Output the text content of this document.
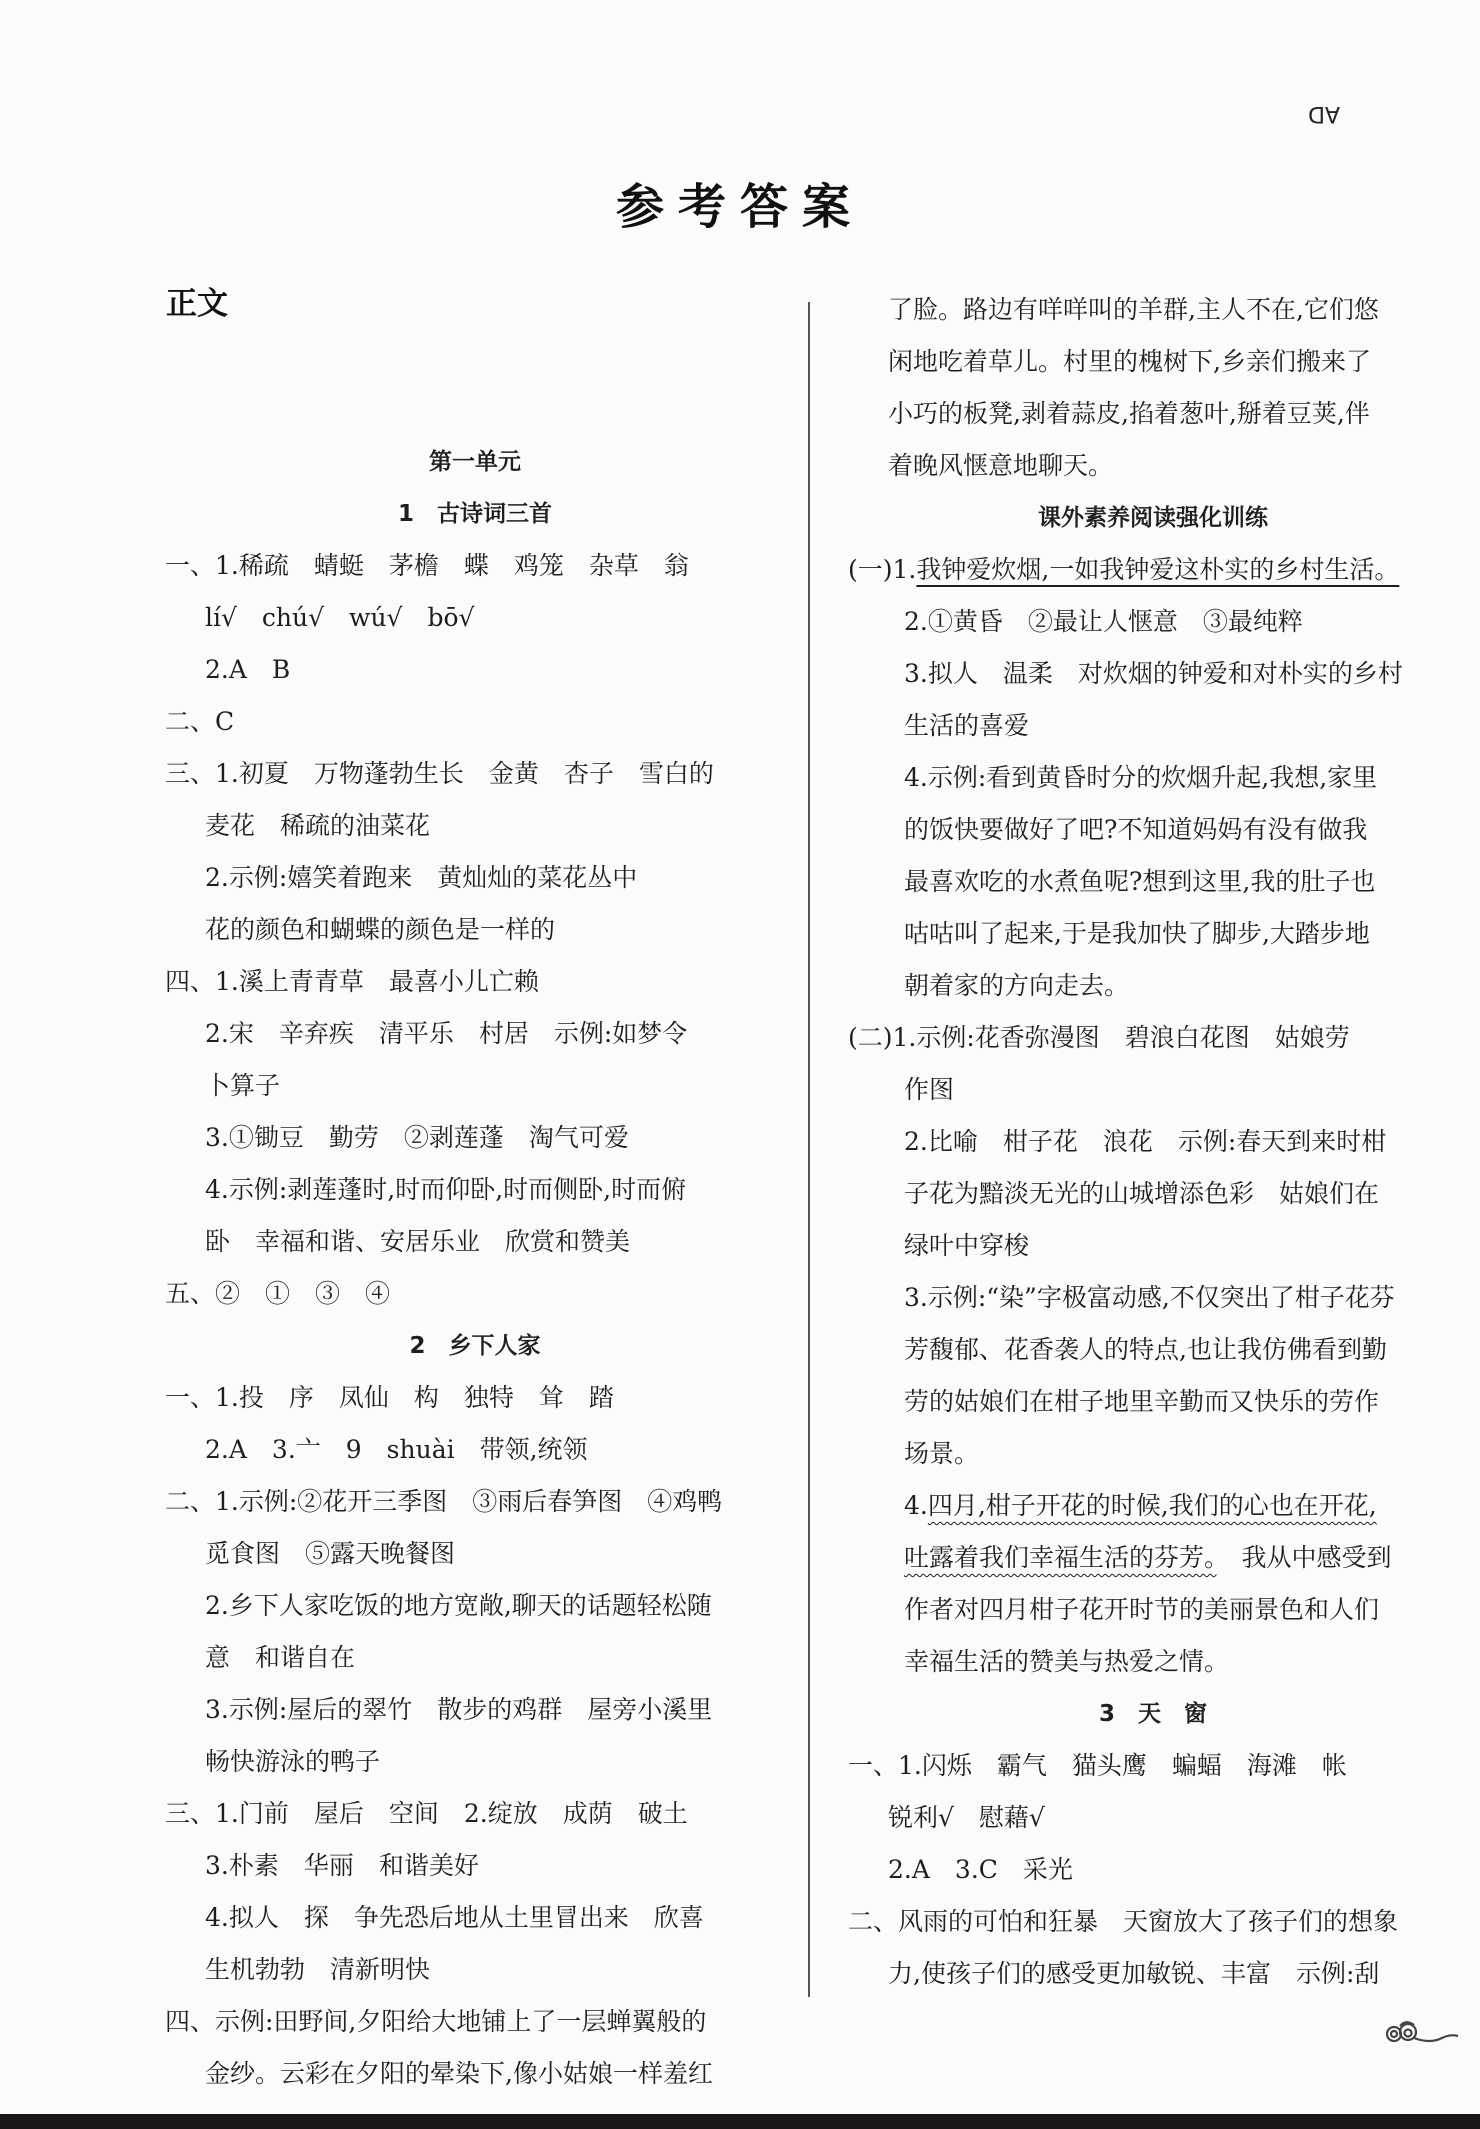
AD
参考答案
正文
第一单元
1　古诗词三首
一、1.稀疏　蜻蜓　茅檐　蝶　鸡笼　杂草　翁
lí√　chú√　wú√　bō√
2.A　B
二、C
三、1.初夏　万物蓬勃生长　金黄　杏子　雪白的
麦花　稀疏的油菜花
2.示例:嬉笑着跑来　黄灿灿的菜花丛中
花的颜色和蝴蝶的颜色是一样的
四、1.溪上青青草　最喜小儿亡赖
2.宋　辛弃疾　清平乐　村居　示例:如梦令
卜算子
3.①锄豆　勤劳　②剥莲蓬　淘气可爱
4.示例:剥莲蓬时,时而仰卧,时而侧卧,时而俯
卧　幸福和谐、安居乐业　欣赏和赞美
五、②　①　③　④
2　乡下人家
一、1.投　序　凤仙　构　独特　耸　踏
2.A　3.亠　9　shuài　带领,统领
二、1.示例:②花开三季图　③雨后春笋图　④鸡鸭
觅食图　⑤露天晚餐图
2.乡下人家吃饭的地方宽敞,聊天的话题轻松随
意　和谐自在
3.示例:屋后的翠竹　散步的鸡群　屋旁小溪里
畅快游泳的鸭子
三、1.门前　屋后　空间　2.绽放　成荫　破土
3.朴素　华丽　和谐美好
4.拟人　探　争先恐后地从土里冒出来　欣喜
生机勃勃　清新明快
四、示例:田野间,夕阳给大地铺上了一层蝉翼般的
金纱。云彩在夕阳的晕染下,像小姑娘一样羞红
了脸。路边有咩咩叫的羊群,主人不在,它们悠
闲地吃着草儿。村里的槐树下,乡亲们搬来了
小巧的板凳,剥着蒜皮,掐着葱叶,掰着豆荚,伴
着晚风惬意地聊天。
课外素养阅读强化训练
(一)1.我钟爱炊烟,一如我钟爱这朴实的乡村生活。
2.①黄昏　②最让人惬意　③最纯粹
3.拟人　温柔　对炊烟的钟爱和对朴实的乡村
生活的喜爱
4.示例:看到黄昏时分的炊烟升起,我想,家里
的饭快要做好了吧?不知道妈妈有没有做我
最喜欢吃的水煮鱼呢?想到这里,我的肚子也
咕咕叫了起来,于是我加快了脚步,大踏步地
朝着家的方向走去。
(二)1.示例:花香弥漫图　碧浪白花图　姑娘劳
作图
2.比喻　柑子花　浪花　示例:春天到来时柑
子花为黯淡无光的山城增添色彩　姑娘们在
绿叶中穿梭
3.示例:“染”字极富动感,不仅突出了柑子花芬
芳馥郁、花香袭人的特点,也让我仿佛看到勤
劳的姑娘们在柑子地里辛勤而又快乐的劳作
场景。
4.四月,柑子开花的时候,我们的心也在开花,
吐露着我们幸福生活的芬芳。　我从中感受到
作者对四月柑子花开时节的美丽景色和人们
幸福生活的赞美与热爱之情。
3　天　窗
一、1.闪烁　霸气　猫头鹰　蝙蝠　海滩　帐
锐利√　慰藉√
2.A　3.C　采光
二、风雨的可怕和狂暴　天窗放大了孩子们的想象
力,使孩子们的感受更加敏锐、丰富　示例:刮
